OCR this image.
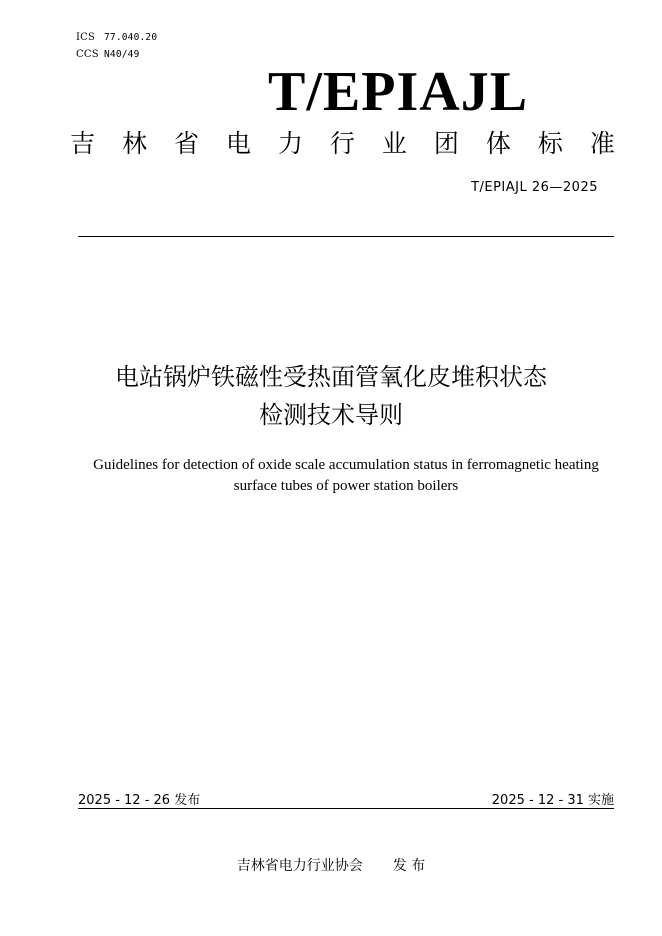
ICS 77.040.20
CCS N40/49
T/EPIAJL
吉 林 省 电 力 行 业 团 体 标 准
T/EPIAJL 26—2025
电站锅炉铁磁性受热面管氧化皮堆积状态
检测技术导则
Guidelines for detection of oxide scale accumulation status in ferromagnetic heating
surface tubes of power station boilers
2025 - 12 - 26 发布	2025 - 12 - 31 实施
吉林省电力行业协会 发 布
